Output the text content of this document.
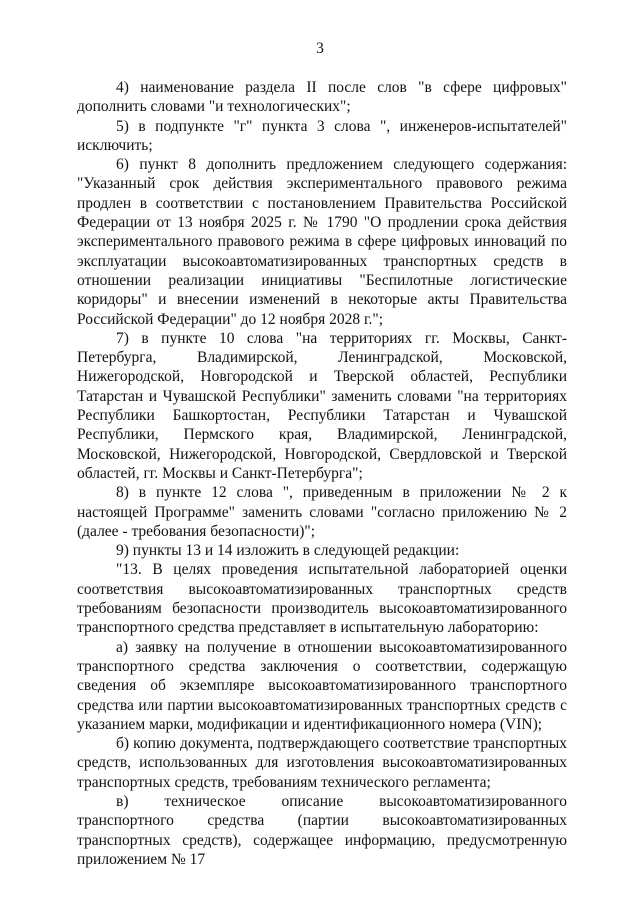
3

4) наименование раздела II после слов "в сфере цифровых" дополнить словами "и технологических";

5) в подпункте "г" пункта 3 слова ", инженеров-испытателей" исключить;

6) пункт 8 дополнить предложением следующего содержания: "Указанный срок действия экспериментального правового режима продлен в соответствии с постановлением Правительства Российской Федерации от 13 ноября 2025 г. № 1790 "О продлении срока действия экспериментального правового режима в сфере цифровых инноваций по эксплуатации высокоавтоматизированных транспортных средств в отношении реализации инициативы "Беспилотные логистические коридоры" и внесении изменений в некоторые акты Правительства Российской Федерации" до 12 ноября 2028 г.";

7) в пункте 10 слова "на территориях гг. Москвы, Санкт-Петербурга, Владимирской, Ленинградской, Московской, Нижегородской, Новгородской и Тверской областей, Республики Татарстан и Чувашской Республики" заменить словами "на территориях Республики Башкортостан, Республики Татарстан и Чувашской Республики, Пермского края, Владимирской, Ленинградской, Московской, Нижегородской, Новгородской, Свердловской и Тверской областей, гг. Москвы и Санкт-Петербурга";

8) в пункте 12 слова ", приведенным в приложении № 2 к настоящей Программе" заменить словами "согласно приложению № 2 (далее - требования безопасности)";

9) пункты 13 и 14 изложить в следующей редакции:

"13. В целях проведения испытательной лабораторией оценки соответствия высокоавтоматизированных транспортных средств требованиям безопасности производитель высокоавтоматизированного транспортного средства представляет в испытательную лабораторию:

а) заявку на получение в отношении высокоавтоматизированного транспортного средства заключения о соответствии, содержащую сведения об экземпляре высокоавтоматизированного транспортного средства или партии высокоавтоматизированных транспортных средств с указанием марки, модификации и идентификационного номера (VIN);

б) копию документа, подтверждающего соответствие транспортных средств, использованных для изготовления высокоавтоматизированных транспортных средств, требованиям технического регламента;

в) техническое описание высокоавтоматизированного транспортного средства (партии высокоавтоматизированных транспортных средств), содержащее информацию, предусмотренную приложением № 17
